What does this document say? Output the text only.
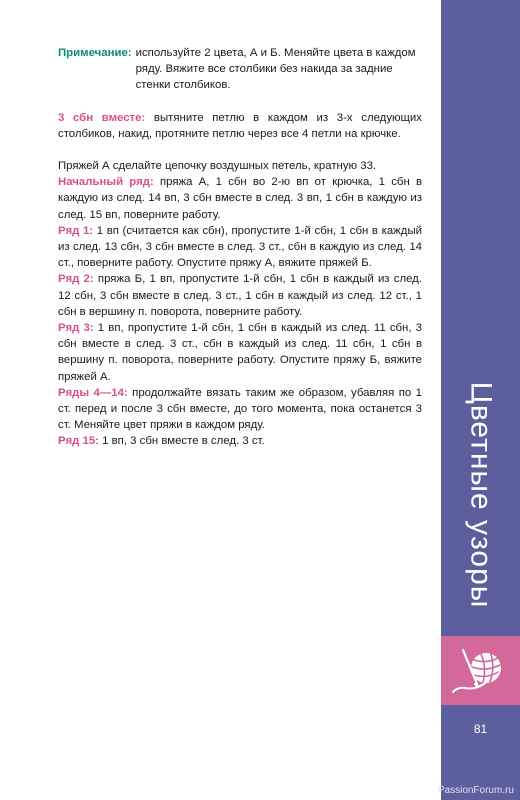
Примечание: используйте 2 цвета, А и Б. Меняйте цвета в каждом ряду. Вяжите все столбики без накида за задние стенки столбиков.

3 сбн вместе: вытяните петлю в каждом из 3-х следующих столбиков, накид, протяните петлю через все 4 петли на крючке.

Пряжей А сделайте цепочку воздушных петель, кратную 33.

Начальный ряд: пряжа А, 1 сбн во 2-ю вп от крючка, 1 сбн в каждую из след. 14 вп, 3 сбн вместе в след. 3 вп, 1 сбн в каждую из след. 15 вп, поверните работу.

Ряд 1: 1 вп (считается как сбн), пропустите 1-й сбн, 1 сбн в каждый из след. 13 сбн, 3 сбн вместе в след. 3 ст., сбн в каждую из след. 14 ст., поверните работу. Опустите пряжу А, вяжите пряжей Б.

Ряд 2: пряжа Б, 1 вп, пропустите 1-й сбн, 1 сбн в каждый из след. 12 сбн, 3 сбн вместе в след. 3 ст., 1 сбн в каждый из след. 12 ст., 1 сбн в вершину п. поворота, поверните работу.

Ряд 3: 1 вп, пропустите 1-й сбн, 1 сбн в каждый из след. 11 сбн, 3 сбн вместе в след. 3 ст., сбн в каждый из след. 11 сбн, 1 сбн в вершину п. поворота, поверните работу. Опустите пряжу Б, вяжите пряжей А.

Ряды 4—14: продолжайте вязать таким же образом, убавляя по 1 ст. перед и после 3 сбн вместе, до того момента, пока останется 3 ст. Меняйте цвет пряжи в каждом ряду.

Ряд 15: 1 вп, 3 сбн вместе в след. 3 ст.	Цветные узоры
81
PassionForum.ru
